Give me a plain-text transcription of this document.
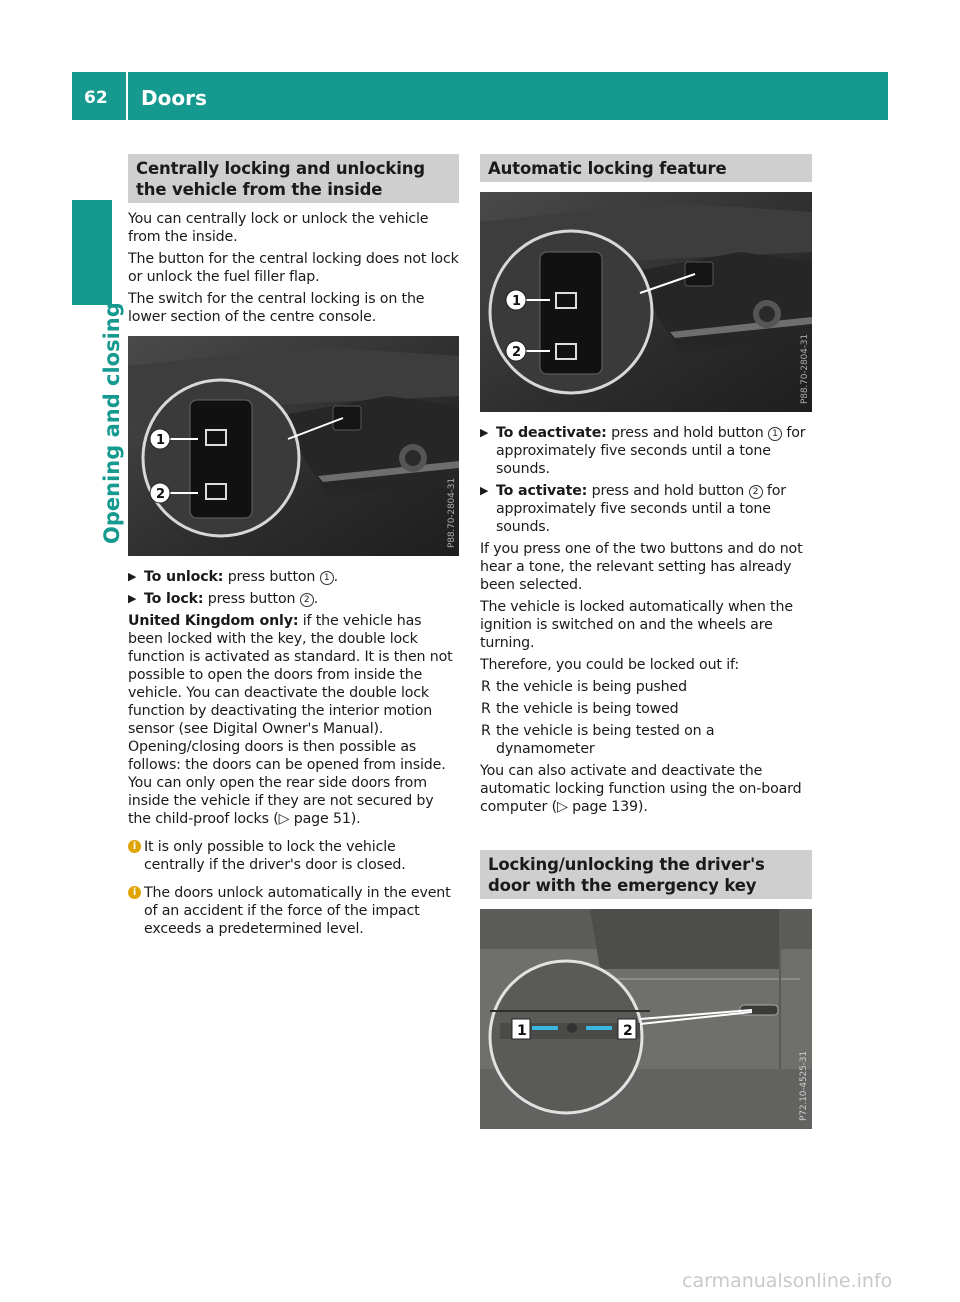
62 Doors
Opening and closing
Centrally locking and unlocking the vehicle from the inside

You can centrally lock or unlock the vehicle from the inside.

The button for the central locking does not lock or unlock the fuel filler flap.

The switch for the central locking is on the lower section of the centre console.

1
2	P88.70-2804-31
▶ To unlock: press button 1 .
▶ To lock: press button 2 .

United Kingdom only: if the vehicle has been locked with the key, the double lock function is activated as standard. It is then not possible to open the doors from inside the vehicle. You can deactivate the double lock function by deactivating the interior motion sensor (see Digital Owner's Manual). Opening/closing doors is then possible as follows: the doors can be opened from inside. You can only open the rear side doors from inside the vehicle if they are not secured by the child-proof locks (▷ page 51).

i It is only possible to lock the vehicle centrally if the driver's door is closed.
i The doors unlock automatically in the event of an accident if the force of the impact exceeds a predetermined level.
Automatic locking feature
1
2	P88.70-2804-31
▶ To deactivate: press and hold button 1 for approximately five seconds until a tone sounds.
▶ To activate: press and hold button 2 for approximately five seconds until a tone sounds.

If you press one of the two buttons and do not hear a tone, the relevant setting has already been selected.

The vehicle is locked automatically when the ignition is switched on and the wheels are turning.

Therefore, you could be locked out if:

R the vehicle is being pushed
R the vehicle is being towed
R the vehicle is being tested on a dynamometer

You can also activate and deactivate the automatic locking function using the on-board computer (▷ page 139).

Locking/unlocking the driver's door with the emergency key
1	2
P72.10-4525-31
carmanualsonline.info
